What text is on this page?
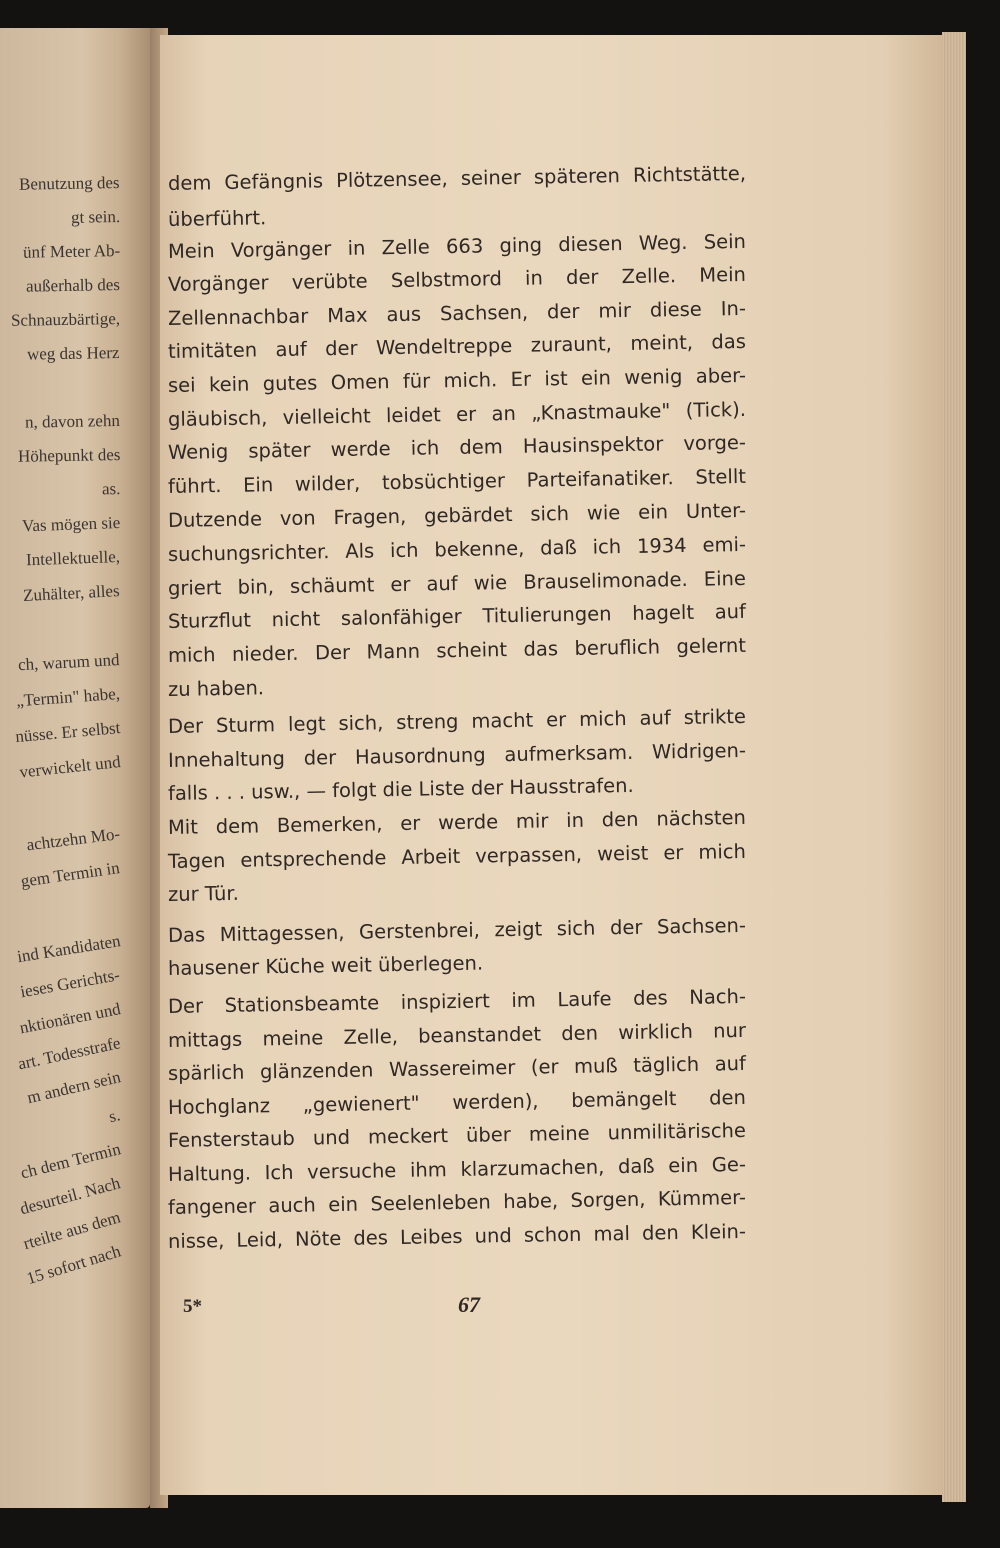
Benutzung des
gt sein.
ünf Meter Ab-
außerhalb des
Schnauzbärtige,
weg das Herz
n, davon zehn
Höhepunkt des
as.
Vas mögen sie
Intellektuelle,
Zuhälter, alles
ch, warum und
„Termin" habe,
nüsse. Er selbst
verwickelt und
achtzehn Mo-
gem Termin in
ind Kandidaten
ieses Gerichts-
nktionären und
art. Todesstrafe
m andern sein
s.
ch dem Termin
desurteil. Nach
rteilte aus dem
15 sofort nach
dem Gefängnis Plötzensee, seiner späteren Richtstätte,
überführt.
Mein Vorgänger in Zelle 663 ging diesen Weg. Sein
Vorgänger verübte Selbstmord in der Zelle. Mein
Zellennachbar Max aus Sachsen, der mir diese In-
timitäten auf der Wendeltreppe zuraunt, meint, das
sei kein gutes Omen für mich. Er ist ein wenig aber-
gläubisch, vielleicht leidet er an „Knastmauke" (Tick).
Wenig später werde ich dem Hausinspektor vorge-
führt. Ein wilder, tobsüchtiger Parteifanatiker. Stellt
Dutzende von Fragen, gebärdet sich wie ein Unter-
suchungsrichter. Als ich bekenne, daß ich 1934 emi-
griert bin, schäumt er auf wie Brauselimonade. Eine
Sturzflut nicht salonfähiger Titulierungen hagelt auf
mich nieder. Der Mann scheint das beruflich gelernt
zu haben.
Der Sturm legt sich, streng macht er mich auf strikte
Innehaltung der Hausordnung aufmerksam. Widrigen-
falls . . . usw., — folgt die Liste der Hausstrafen.
Mit dem Bemerken, er werde mir in den nächsten
Tagen entsprechende Arbeit verpassen, weist er mich
zur Tür.
Das Mittagessen, Gerstenbrei, zeigt sich der Sachsen-
hausener Küche weit überlegen.
Der Stationsbeamte inspiziert im Laufe des Nach-
mittags meine Zelle, beanstandet den wirklich nur
spärlich glänzenden Wassereimer (er muß täglich auf
Hochglanz „gewienert" werden), bemängelt den
Fensterstaub und meckert über meine unmilitärische
Haltung. Ich versuche ihm klarzumachen, daß ein Ge-
fangener auch ein Seelenleben habe, Sorgen, Kümmer-
nisse, Leid, Nöte des Leibes und schon mal den Klein-
5*	67
